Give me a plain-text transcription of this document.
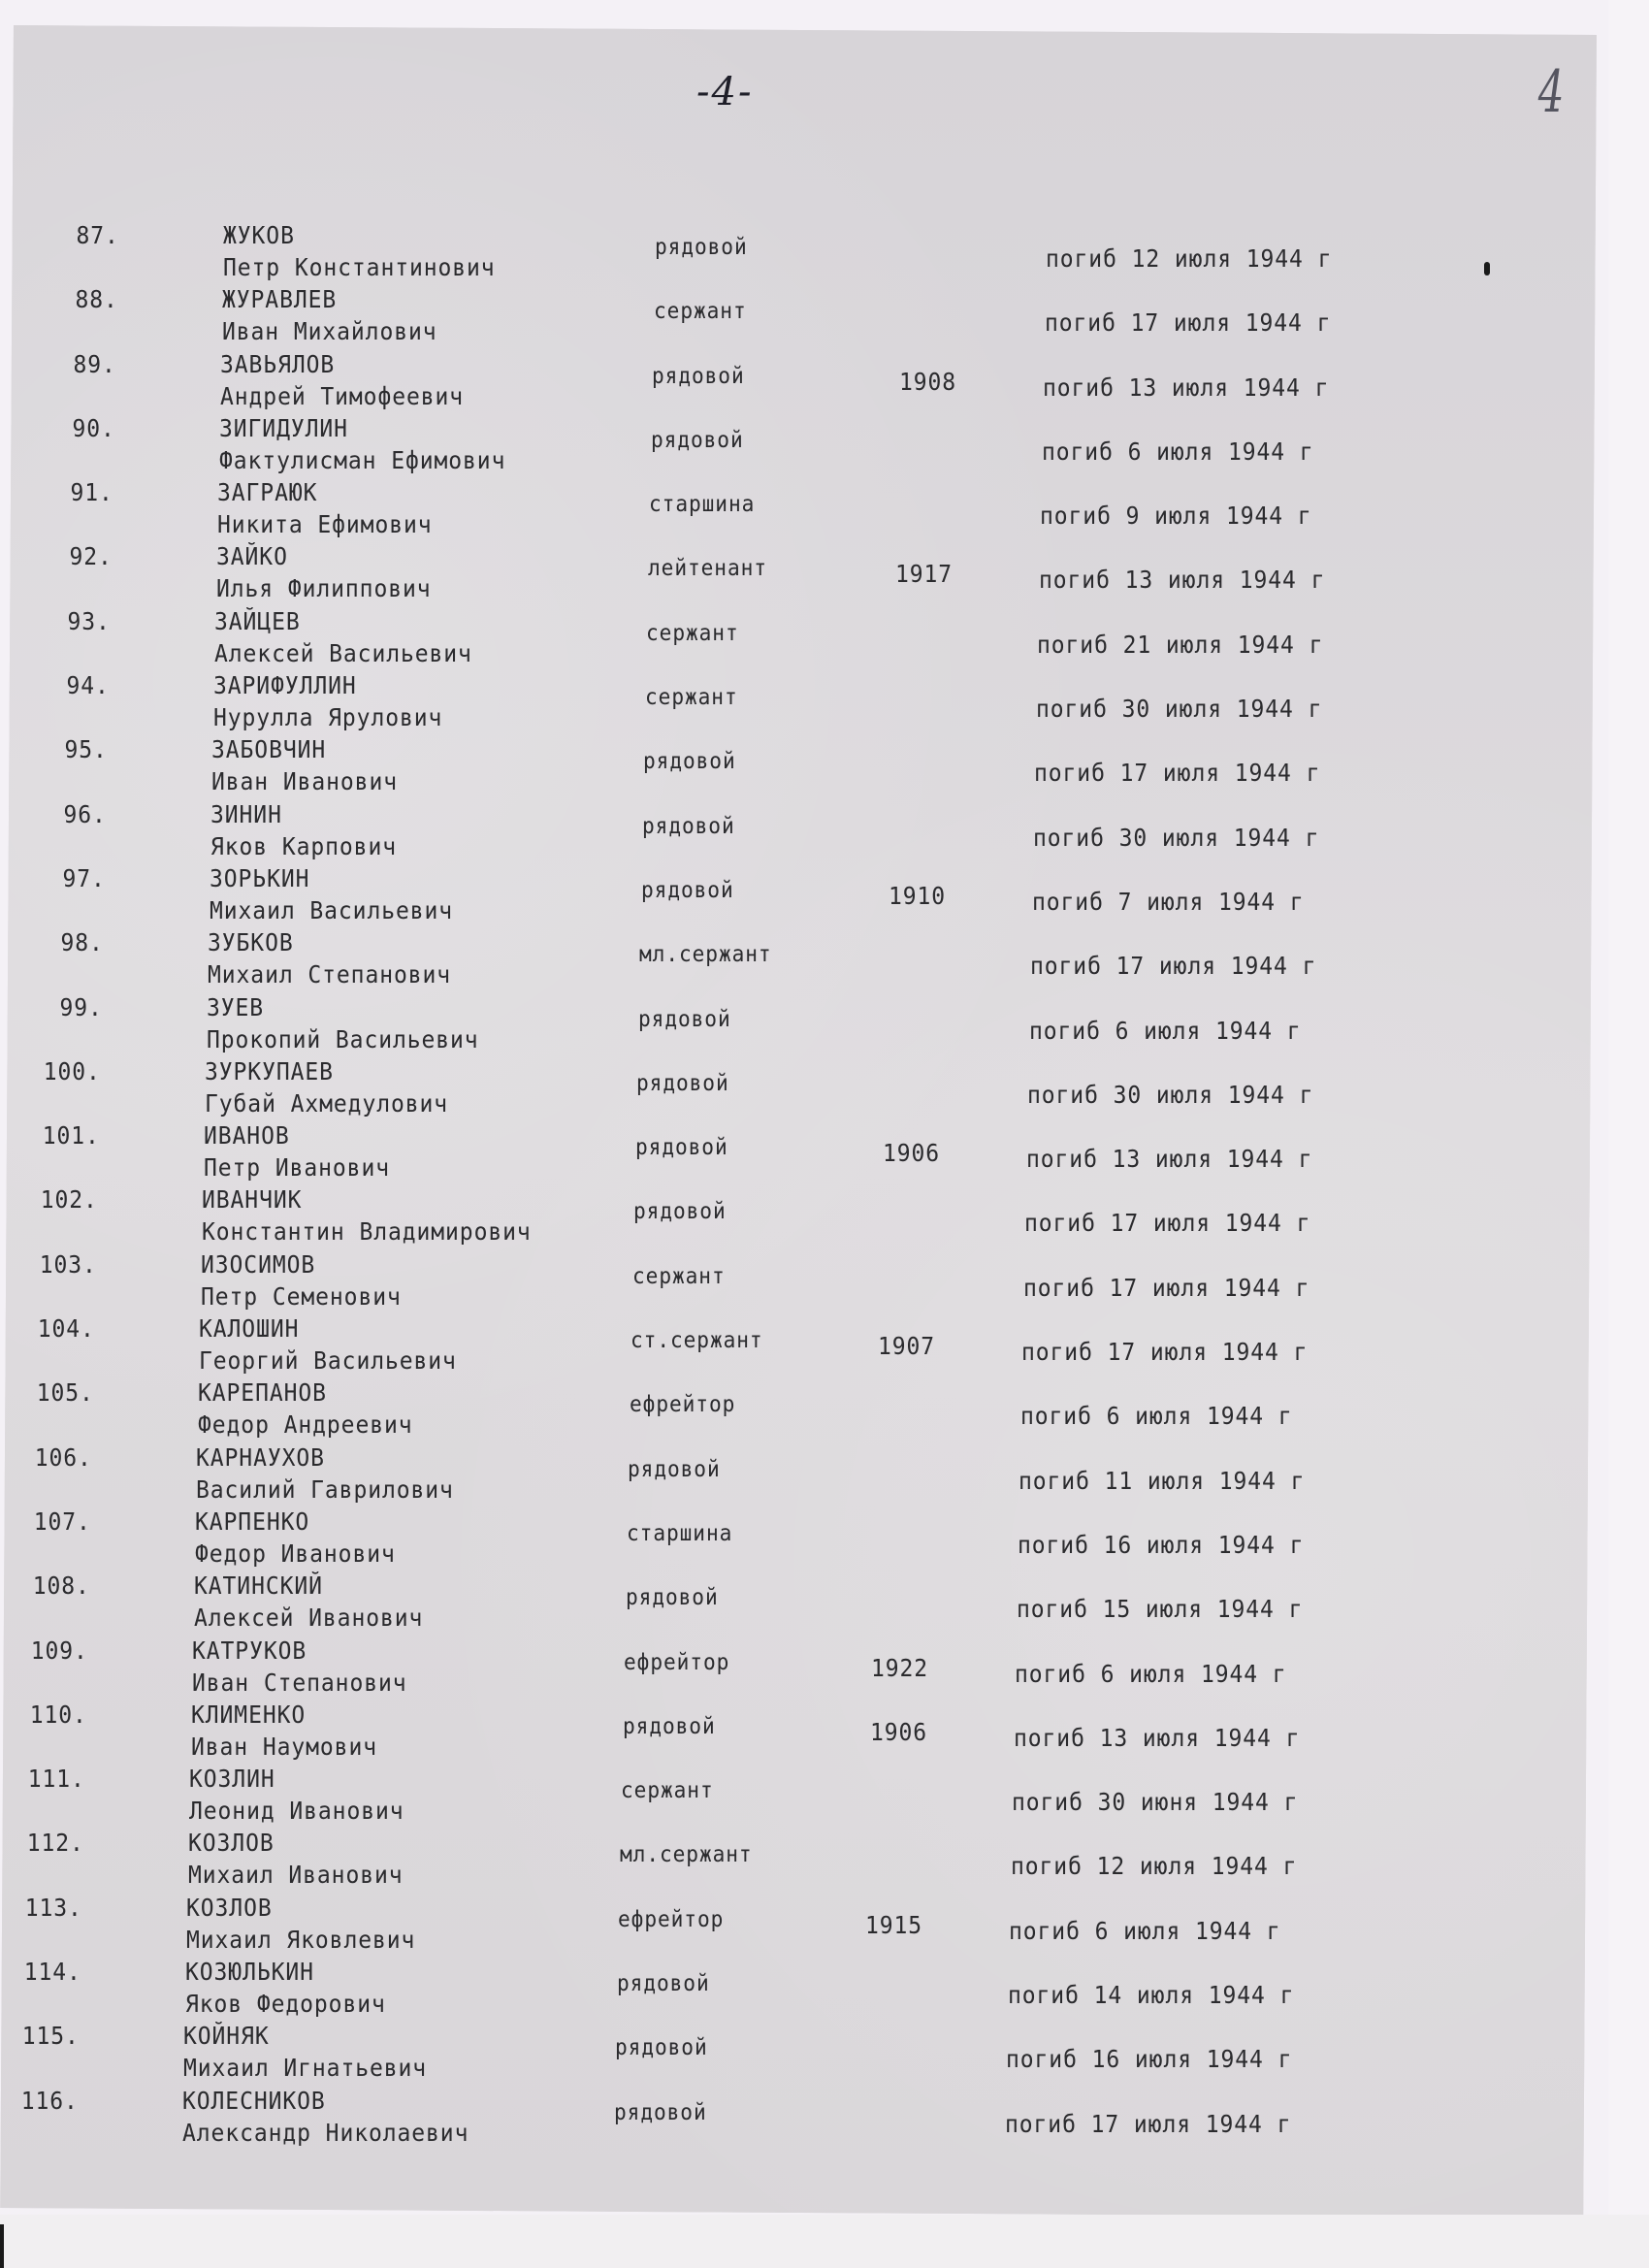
-4-	4
87.	ЖУКОВ
Петр Константинович
рядовой	погиб 12 июля 1944 г
88.	ЖУРАВЛЕВ
Иван Михайлович
сержант	погиб 17 июля 1944 г
89.	ЗАВЬЯЛОВ
Андрей Тимофеевич
рядовой	1908	погиб 13 июля 1944 г
90.	ЗИГИДУЛИН
Фактулисман Ефимович
рядовой	погиб 6 июля 1944 г
91.	ЗАГРАЮК
Никита Ефимович
старшина	погиб 9 июля 1944 г
92.	ЗАЙКО
Илья Филиппович
лейтенант	1917	погиб 13 июля 1944 г
93.	ЗАЙЦЕВ
Алексей Васильевич
сержант	погиб 21 июля 1944 г
94.	ЗАРИФУЛЛИН
Нурулла Ярулович
сержант	погиб 30 июля 1944 г
95.	ЗАБОВЧИН
Иван Иванович
рядовой	погиб 17 июля 1944 г
96.	ЗИНИН
Яков Карпович
рядовой	погиб 30 июля 1944 г
97.	ЗОРЬКИН
Михаил Васильевич
рядовой	1910	погиб 7 июля 1944 г
98.	ЗУБКОВ
Михаил Степанович
мл.сержант	погиб 17 июля 1944 г
99.	ЗУЕВ
Прокопий Васильевич
рядовой	погиб 6 июля 1944 г
100.	ЗУРКУПАЕВ
Губай Ахмедулович
рядовой	погиб 30 июля 1944 г
101.	ИВАНОВ
Петр Иванович
рядовой	1906	погиб 13 июля 1944 г
102.	ИВАНЧИК
Константин Владимирович
рядовой	погиб 17 июля 1944 г
103.	ИЗОСИМОВ
Петр Семенович
сержант	погиб 17 июля 1944 г
104.	КАЛОШИН
Георгий Васильевич
ст.сержант	1907	погиб 17 июля 1944 г
105.	КАРЕПАНОВ
Федор Андреевич
ефрейтор	погиб 6 июля 1944 г
106.	КАРНАУХОВ
Василий Гаврилович
рядовой	погиб 11 июля 1944 г
107.	КАРПЕНКО
Федор Иванович
старшина	погиб 16 июля 1944 г
108.	КАТИНСКИЙ
Алексей Иванович
рядовой	погиб 15 июля 1944 г
109.	КАТРУКОВ
Иван Степанович
ефрейтор	1922	погиб 6 июля 1944 г
110.	КЛИМЕНКО
Иван Наумович
рядовой	1906	погиб 13 июля 1944 г
111.	КОЗЛИН
Леонид Иванович
сержант	погиб 30 июня 1944 г
112.	КОЗЛОВ
Михаил Иванович
мл.сержант	погиб 12 июля 1944 г
113.	КОЗЛОВ
Михаил Яковлевич
ефрейтор	1915	погиб 6 июля 1944 г
114.	КОЗЮЛЬКИН
Яков Федорович
рядовой	погиб 14 июля 1944 г
115.	КОЙНЯК
Михаил Игнатьевич
рядовой	погиб 16 июля 1944 г
116.	КОЛЕСНИКОВ
Александр Николаевич
рядовой	погиб 17 июля 1944 г
